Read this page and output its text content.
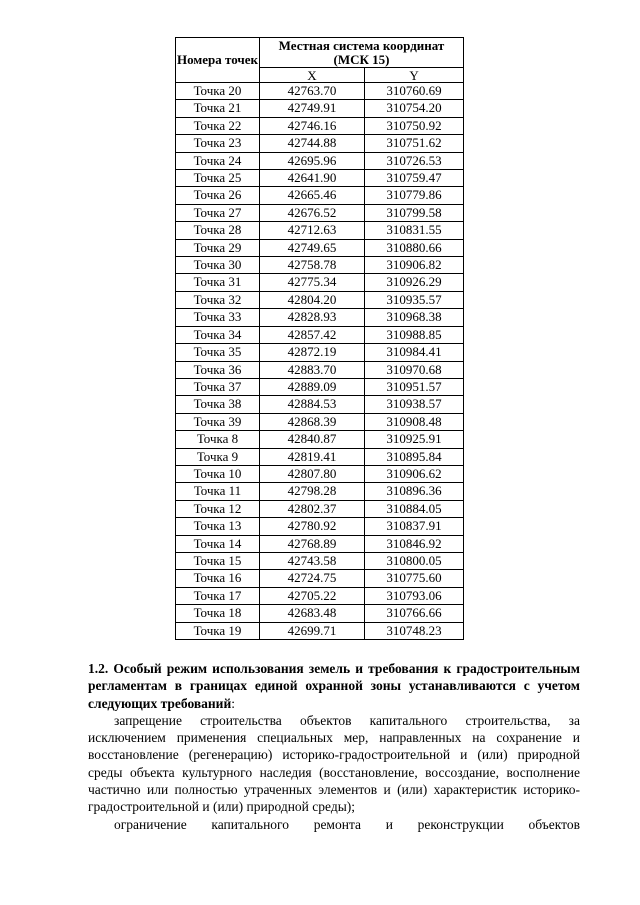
Номера точек	Местная система координат (МСК 15)	
	X	Y
Точка 20	42763.70	310760.69
Точка 21	42749.91	310754.20
Точка 22	42746.16	310750.92
Точка 23	42744.88	310751.62
Точка 24	42695.96	310726.53
Точка 25	42641.90	310759.47
Точка 26	42665.46	310779.86
Точка 27	42676.52	310799.58
Точка 28	42712.63	310831.55
Точка 29	42749.65	310880.66
Точка 30	42758.78	310906.82
Точка 31	42775.34	310926.29
Точка 32	42804.20	310935.57
Точка 33	42828.93	310968.38
Точка 34	42857.42	310988.85
Точка 35	42872.19	310984.41
Точка 36	42883.70	310970.68
Точка 37	42889.09	310951.57
Точка 38	42884.53	310938.57
Точка 39	42868.39	310908.48
Точка 8	42840.87	310925.91
Точка 9	42819.41	310895.84
Точка 10	42807.80	310906.62
Точка 11	42798.28	310896.36
Точка 12	42802.37	310884.05
Точка 13	42780.92	310837.91
Точка 14	42768.89	310846.92
Точка 15	42743.58	310800.05
Точка 16	42724.75	310775.60
Точка 17	42705.22	310793.06
Точка 18	42683.48	310766.66
Точка 19	42699.71	310748.23

1.2. Особый режим использования земель и требования к градостроительным регламентам в границах единой охранной зоны устанавливаются с учетом следующих требований:

запрещение строительства объектов капитального строительства, за исключением применения специальных мер, направленных на сохранение и восстановление (регенерацию) историко-градостроительной и (или) природной среды объекта культурного наследия (восстановление, воссоздание, восполнение частично или полностью утраченных элементов и (или) характеристик историко-градостроительной и (или) природной среды);

ограничение капитального ремонта и реконструкции объектов
